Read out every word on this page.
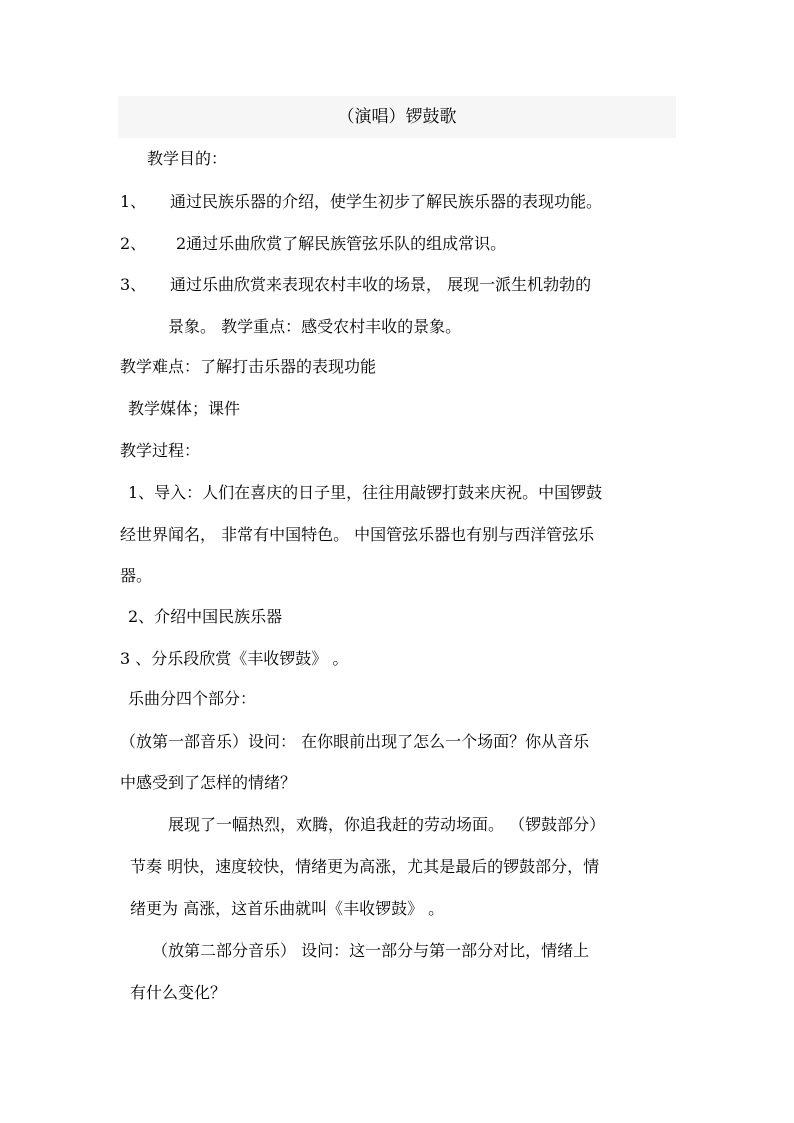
（演唱）锣鼓歌
教学目的：
1、 通过民族乐器的介绍，使学生初步了解民族乐器的表现功能。
2、 2通过乐曲欣赏了解民族管弦乐队的组成常识。
3、 通过乐曲欣赏来表现农村丰收的场景， 展现一派生机勃勃的
景象。 教学重点：感受农村丰收的景象。
教学难点：了解打击乐器的表现功能
教学媒体；课件
教学过程：
1、导入：人们在喜庆的日子里，往往用敲锣打鼓来庆祝。中国锣鼓
经世界闻名， 非常有中国特色。 中国管弦乐器也有别与西洋管弦乐
器。
2、介绍中国民族乐器
3 、分乐段欣赏《丰收锣鼓》 。
乐曲分四个部分：
（放第一部音乐）设问： 在你眼前出现了怎么一个场面？你从音乐
中感受到了怎样的情绪？
展现了一幅热烈，欢腾，你追我赶的劳动场面。 （锣鼓部分）
节奏 明快，速度较快，情绪更为高涨，尤其是最后的锣鼓部分，情
绪更为 高涨，这首乐曲就叫《丰收锣鼓》 。
（放第二部分音乐） 设问：这一部分与第一部分对比，情绪上
有什么变化？
